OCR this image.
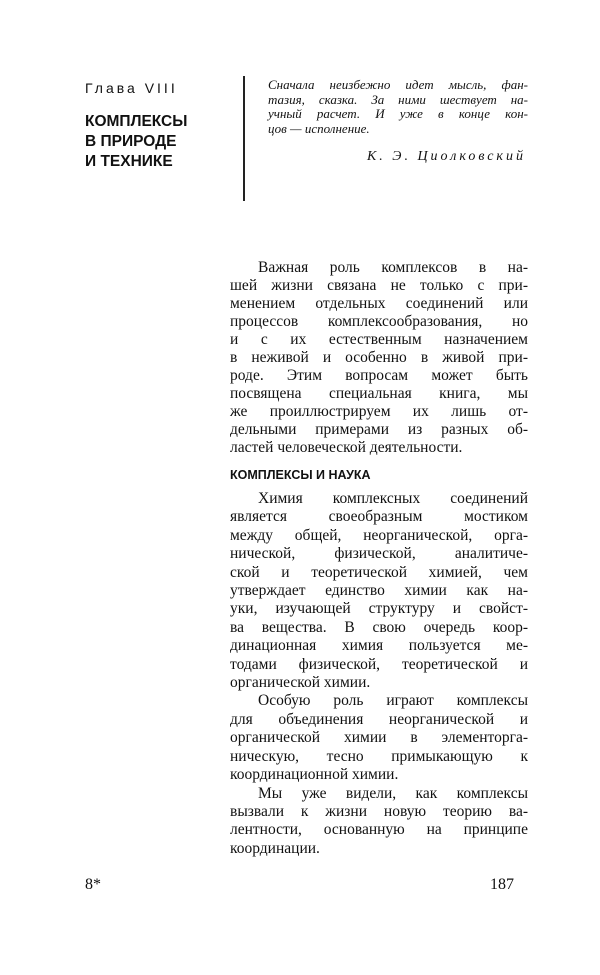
Глава VIII
КОМПЛЕКСЫ
В ПРИРОДЕ
И ТЕХНИКЕ
Сначала неизбежно идет мысль, фан-
тазия, сказка. За ними шествует на-
учный расчет. И уже в конце кон-
цов — исполнение.
К. Э. Циолковский
Важная роль комплексов в на-
шей жизни связана не только с при-
менением отдельных соединений или
процессов комплексообразования, но
и с их естественным назначением
в неживой и особенно в живой при-
роде. Этим вопросам может быть
посвящена специальная книга, мы
же проиллюстрируем их лишь от-
дельными примерами из разных об-
ластей человеческой деятельности.
КОМПЛЕКСЫ И НАУКА
Химия комплексных соединений
является своеобразным мостиком
между общей, неорганической, орга-
нической, физической, аналитиче-
ской и теоретической химией, чем
утверждает единство химии как на-
уки, изучающей структуру и свойст-
ва вещества. В свою очередь коор-
динационная химия пользуется ме-
тодами физической, теоретической и
органической химии.
Особую роль играют комплексы
для объединения неорганической и
органической химии в элементорга-
ническую, тесно примыкающую к
координационной химии.
Мы уже видели, как комплексы
вызвали к жизни новую теорию ва-
лентности, основанную на принципе
координации.
8*	187
